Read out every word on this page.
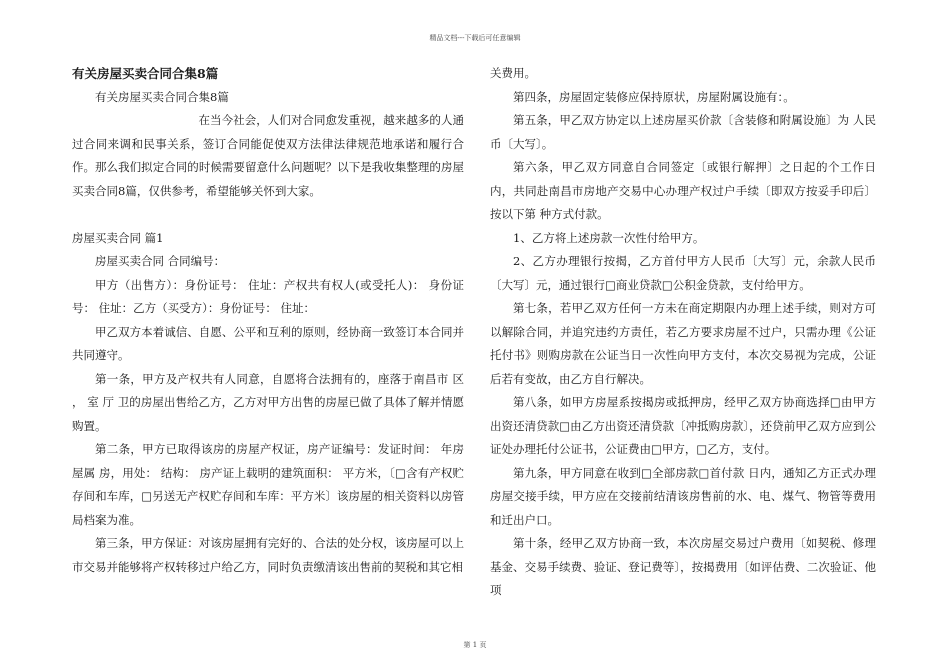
精品文档---下载后可任意编辑

有关房屋买卖合同合集8篇

有关房屋买卖合同合集8篇

在当今社会，人们对合同愈发重视，越来越多的人通过合同来调和民事关系，签订合同能促使双方法律法律规范地承诺和履行合作。那么我们拟定合同的时候需要留意什么问题呢？以下是我收集整理的房屋买卖合同8篇，仅供参考，希望能够关怀到大家。

房屋买卖合同 篇1

房屋买卖合同 合同编号：

甲方（出售方）：身份证号： 住址：产权共有权人(或受托人)： 身份证号： 住址：乙方（买受方）：身份证号： 住址：

甲乙双方本着诚信、自愿、公平和互利的原则，经协商一致签订本合同并共同遵守。

第一条，甲方及产权共有人同意，自愿将合法拥有的，座落于南昌市 区 ， 室 厅 卫的房屋出售给乙方，乙方对甲方出售的房屋已做了具体了解并情愿购置。

第二条，甲方已取得该房的房屋产权证，房产证编号：发证时间： 年房屋属 房，用处： 结构： 房产证上载明的建筑面积： 平方米，〔□含有产权贮存间和车库，□另送无产权贮存间和车库：平方米〕该房屋的相关资料以房管局档案为准。

第三条，甲方保证：对该房屋拥有完好的、合法的处分权，该房屋可以上市交易并能够将产权转移过户给乙方，同时负责缴清该出售前的契税和其它相

关费用。

第四条，房屋固定装修应保持原状，房屋附属设施有：。

第五条，甲乙双方协定以上述房屋买价款〔含装修和附属设施〕为 人民币〔大写〕。

第六条，甲乙双方同意自合同签定〔或银行解押〕之日起的个工作日内，共同赴南昌市房地产交易中心办理产权过户手续〔即双方按妥手印后〕按以下第 种方式付款。

1、乙方将上述房款一次性付给甲方。

2、乙方办理银行按揭，乙方首付甲方人民币〔大写〕元，余款人民币〔大写〕元，通过银行□商业贷款□公积金贷款，支付给甲方。

第七条，若甲乙双方任何一方未在商定期限内办理上述手续，则对方可以解除合同，并追究违约方责任，若乙方要求房屋不过户，只需办理《公证托付书》则购房款在公证当日一次性向甲方支付，本次交易视为完成，公证后若有变故，由乙方自行解决。

第八条，如甲方房屋系按揭房或抵押房，经甲乙双方协商选择□由甲方出资还清贷款□由乙方出资还清贷款〔冲抵购房款〕，还贷前甲乙双方应到公证处办理托付公证书，公证费由□甲方，□乙方，支付。

第九条，甲方同意在收到□全部房款□首付款 日内，通知乙方正式办理房屋交接手续，甲方应在交接前结清该房售前的水、电、煤气、物管等费用和迁出户口。

第十条，经甲乙双方协商一致，本次房屋交易过户费用〔如契税、修理基金、交易手续费、验证、登记费等〕，按揭费用〔如评估费、二次验证、他项

第 1 页
